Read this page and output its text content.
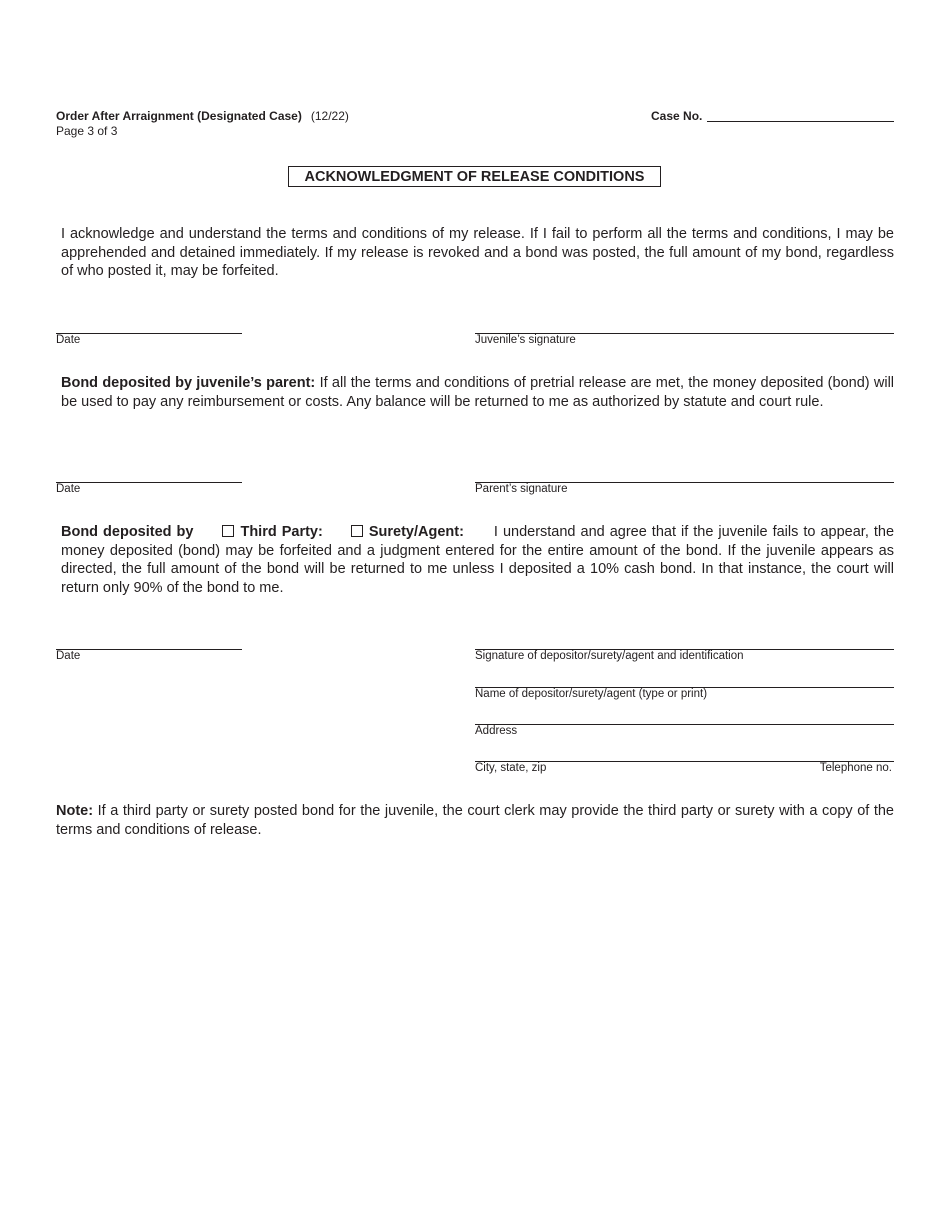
Order After Arraignment (Designated Case) (12/22)
Page 3 of 3
Case No.
ACKNOWLEDGMENT OF RELEASE CONDITIONS
I acknowledge and understand the terms and conditions of my release. If I fail to perform all the terms and conditions, I may be apprehended and detained immediately. If my release is revoked and a bond was posted, the full amount of my bond, regardless of who posted it, may be forfeited.
Date	Juvenile’s signature
Bond deposited by juvenile’s parent: If all the terms and conditions of pretrial release are met, the money deposited (bond) will be used to pay any reimbursement or costs. Any balance will be returned to me as authorized by statute and court rule.
Date	Parent’s signature
Bond deposited by	Third Party:	Surety/Agent: I understand and agree that if the juvenile fails to appear, the money deposited (bond) may be forfeited and a judgment entered for the entire amount of the bond. If the juvenile appears as directed, the full amount of the bond will be returned to me unless I deposited a 10% cash bond. In that instance, the court will return only 90% of the bond to me.
Date	Signature of depositor/surety/agent and identification
Name of depositor/surety/agent (type or print)
Address
City, state, zip	Telephone no.
Note: If a third party or surety posted bond for the juvenile, the court clerk may provide the third party or surety with a copy of the terms and conditions of release.
